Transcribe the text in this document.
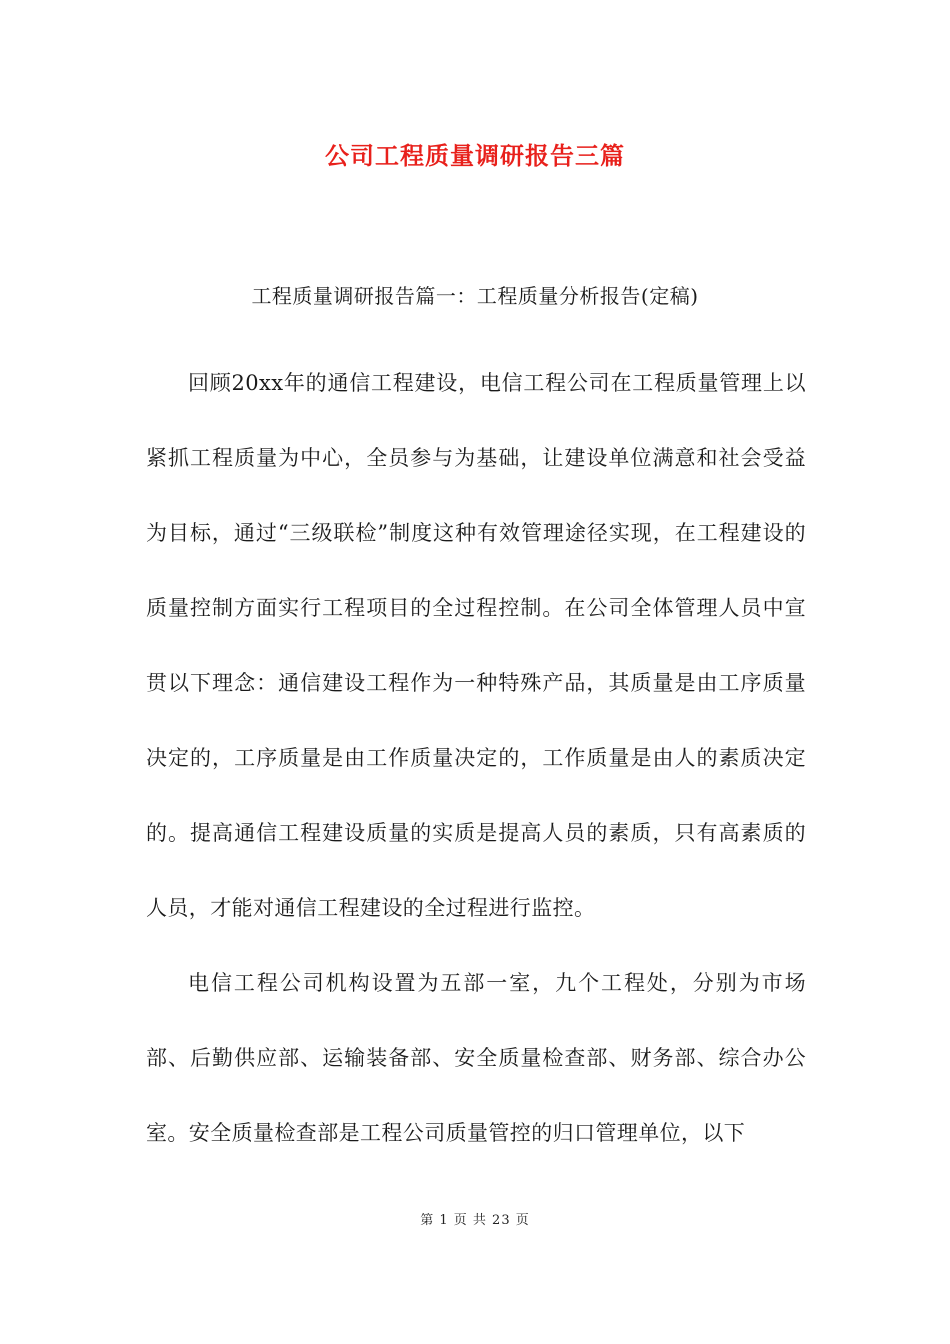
公司工程质量调研报告三篇
工程质量调研报告篇一：工程质量分析报告(定稿)

回顾20xx年的通信工程建设，电信工程公司在工程质量管理上以紧抓工程质量为中心，全员参与为基础，让建设单位满意和社会受益为目标，通过“三级联检”制度这种有效管理途径实现，在工程建设的质量控制方面实行工程项目的全过程控制。在公司全体管理人员中宣贯以下理念：通信建设工程作为一种特殊产品，其质量是由工序质量决定的，工序质量是由工作质量决定的，工作质量是由人的素质决定的。提高通信工程建设质量的实质是提高人员的素质，只有高素质的人员，才能对通信工程建设的全过程进行监控。

电信工程公司机构设置为五部一室，九个工程处，分别为市场部、后勤供应部、运输装备部、安全质量检查部、财务部、综合办公室。安全质量检查部是工程公司质量管控的归口管理单位，以下

第 1 页 共 23 页
